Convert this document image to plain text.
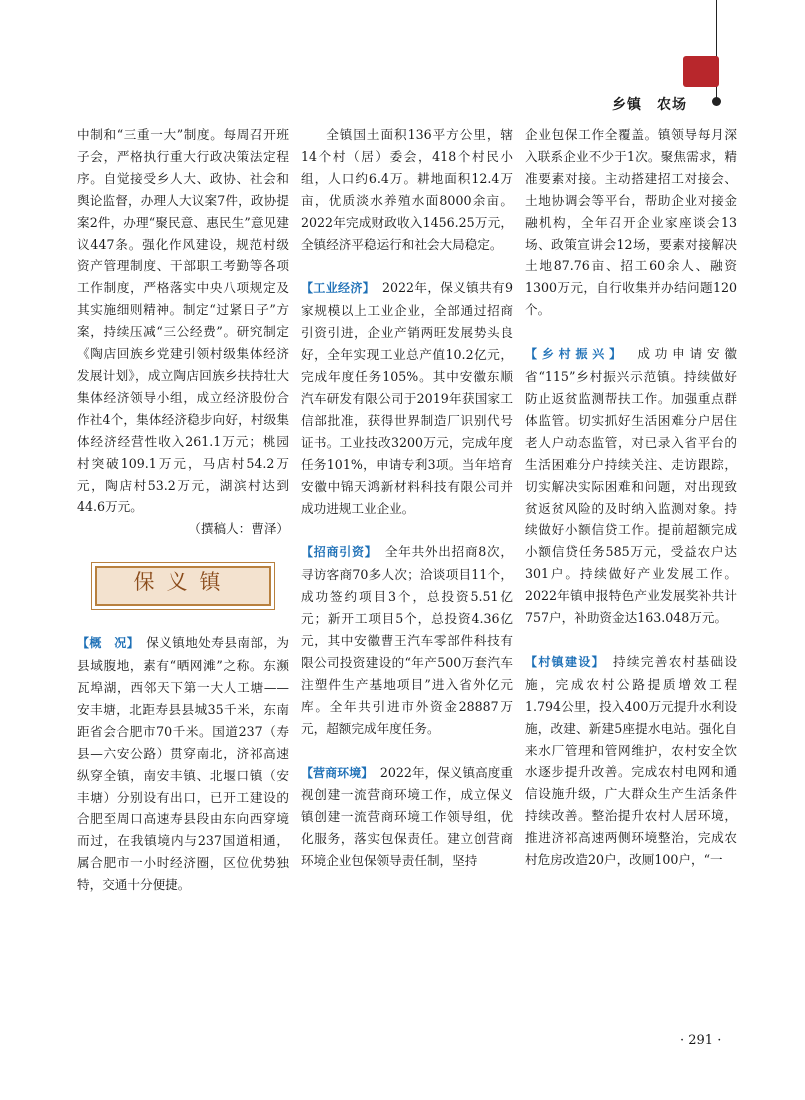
乡镇　农场

中制和“三重一大”制度。每周召开班子会，严格执行重大行政决策法定程序。自觉接受乡人大、政协、社会和舆论监督，办理人大议案7件，政协提案2件，办理“聚民意、惠民生”意见建议447条。强化作风建设，规范村级资产管理制度、干部职工考勤等各项工作制度，严格落实中央八项规定及其实施细则精神。制定“过紧日子”方案，持续压减“三公经费”。研究制定《陶店回族乡党建引领村级集体经济发展计划》，成立陶店回族乡扶持壮大集体经济领导小组，成立经济股份合作社4个，集体经济稳步向好，村级集体经济经营性收入261.1万元；桃园村突破109.1万元，马店村54.2万元，陶店村53.2万元，湖滨村达到44.6万元。

（撰稿人：曹泽）

保义镇

【概　况】　 保义镇地处寿县南部，为县域腹地，素有“晒网滩”之称。东濒瓦埠湖，西邻天下第一大人工塘——安丰塘，北距寿县县城35千米，东南距省会合肥市70千米。国道237（寿县—六安公路）贯穿南北，济祁高速纵穿全镇，南安丰镇、北堰口镇（安丰塘）分别设有出口，已开工建设的合肥至周口高速寿县段由东向西穿境而过，在我镇境内与237国道相通，属合肥市一小时经济圈，区位优势独特，交通十分便捷。

全镇国土面积136平方公里，辖14个村（居）委会，418个村民小组，人口约6.4万。耕地面积12.4万亩，优质淡水养殖水面8000余亩。2022年完成财政收入1456.25万元，全镇经济平稳运行和社会大局稳定。

【工业经济】　 2022年，保义镇共有9家规模以上工业企业，全部通过招商引资引进，企业产销两旺发展势头良好，全年实现工业总产值10.2亿元，完成年度任务105%。其中安徽东顺汽车研发有限公司于2019年获国家工信部批准，获得世界制造厂识别代号证书。工业技改3200万元，完成年度任务101%，申请专利3项。当年培育安徽中锦天鸿新材料科技有限公司并成功进规工业企业。

【招商引资】　 全年共外出招商8次，寻访客商70多人次；洽谈项目11个，成功签约项目3个，总投资5.51亿元；新开工项目5个，总投资4.36亿元，其中安徽曹王汽车零部件科技有限公司投资建设的“年产500万套汽车注塑件生产基地项目”进入省外亿元库。全年共引进市外资金28887万元，超额完成年度任务。

【营商环境】　 2022年，保义镇高度重视创建一流营商环境工作，成立保义镇创建一流营商环境工作领导组，优化服务，落实包保责任。建立创营商环境企业包保领导责任制，坚持

企业包保工作全覆盖。镇领导每月深入联系企业不少于1次。聚焦需求，精准要素对接。主动搭建招工对接会、土地协调会等平台，帮助企业对接金融机构，全年召开企业家座谈会13场、政策宣讲会12场，要素对接解决土地87.76亩、招工60余人、融资1300万元，自行收集并办结问题120个。

【乡村振兴】　 成功申请安徽省“115”乡村振兴示范镇。持续做好防止返贫监测帮扶工作。加强重点群体监管。切实抓好生活困难分户居住老人户动态监管，对已录入省平台的生活困难分户持续关注、走访跟踪，切实解决实际困难和问题，对出现致贫返贫风险的及时纳入监测对象。持续做好小额信贷工作。提前超额完成小额信贷任务585万元，受益农户达301户。持续做好产业发展工作。2022年镇申报特色产业发展奖补共计757户，补助资金达163.048万元。

【村镇建设】　 持续完善农村基础设施，完成农村公路提质增效工程1.794公里，投入400万元提升水利设施，改建、新建5座提水电站。强化自来水厂管理和管网维护，农村安全饮水逐步提升改善。完成农村电网和通信设施升级，广大群众生产生活条件持续改善。整治提升农村人居环境，推进济祁高速两侧环境整治，完成农村危房改造20户，改厕100户，“一

· 291 ·
